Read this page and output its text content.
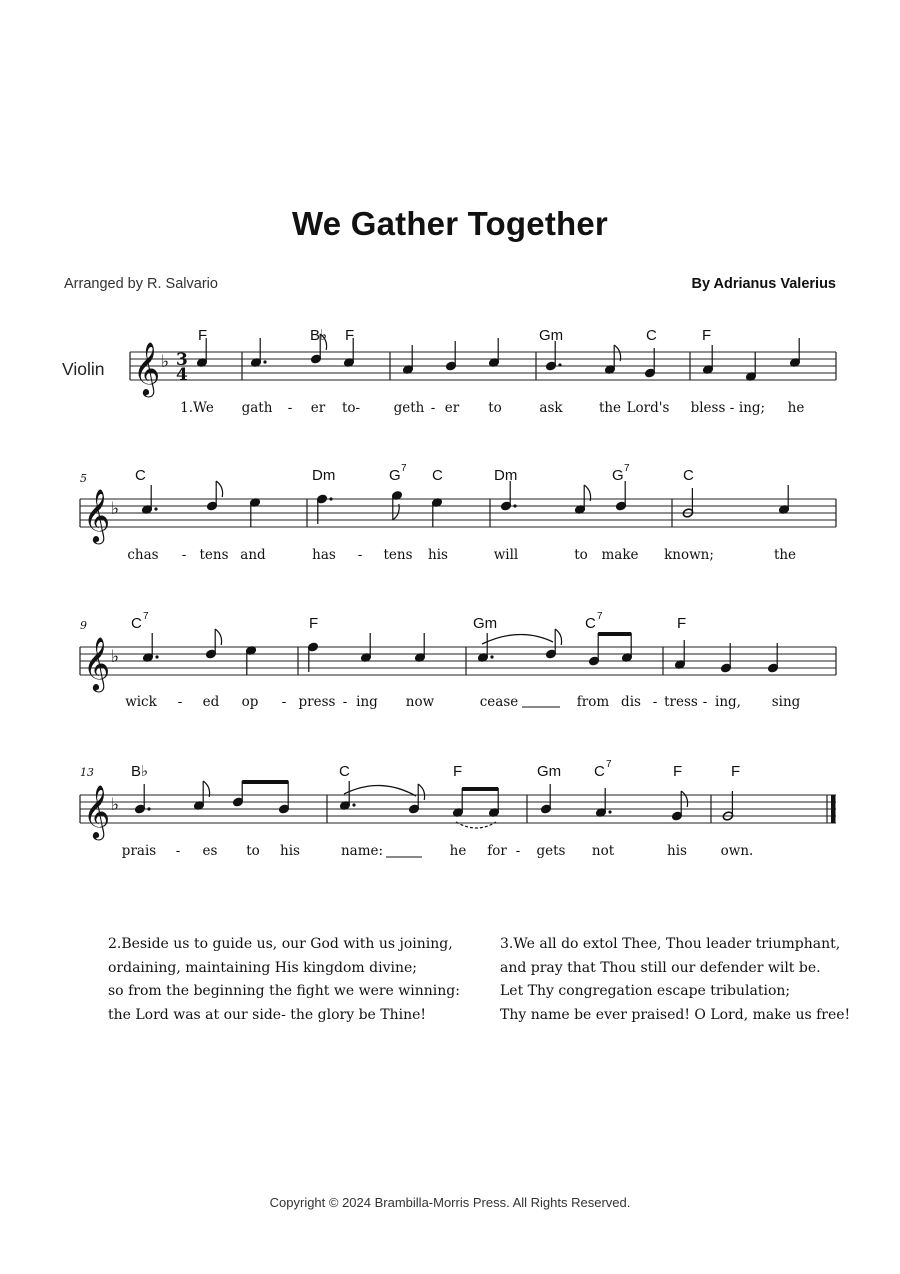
We Gather Together
Arranged by R. Salvario	By Adrianus Valerius
Violin 𝄞 ♭ 3
4
F	B♭ F	Gm	C	F
1.We gath - er to- geth - er to	ask	the Lord's bless - ing; he
5
𝄞 ♭
C	Dm	G 7 C	Dm	G 7	C
chas - tens and	has - tens his	will	to make known;	the
9
𝄞 ♭
C 7	F	Gm	C 7	F
wick - ed op - press - ing now	cease	from dis - tress - ing, sing
13
𝄞 ♭
B♭	C	F	Gm C 7	F	F
prais - es to his	name:	he for - gets not	his own.
2.Beside us to guide us, our God with us joining,
ordaining, maintaining His kingdom divine;
so from the beginning the fight we were winning:
the Lord was at our side- the glory be Thine!
3.We all do extol Thee, Thou leader triumphant,
and pray that Thou still our defender wilt be.
Let Thy congregation escape tribulation;
Thy name be ever praised! O Lord, make us free!
Copyright © 2024 Brambilla-Morris Press. All Rights Reserved.
